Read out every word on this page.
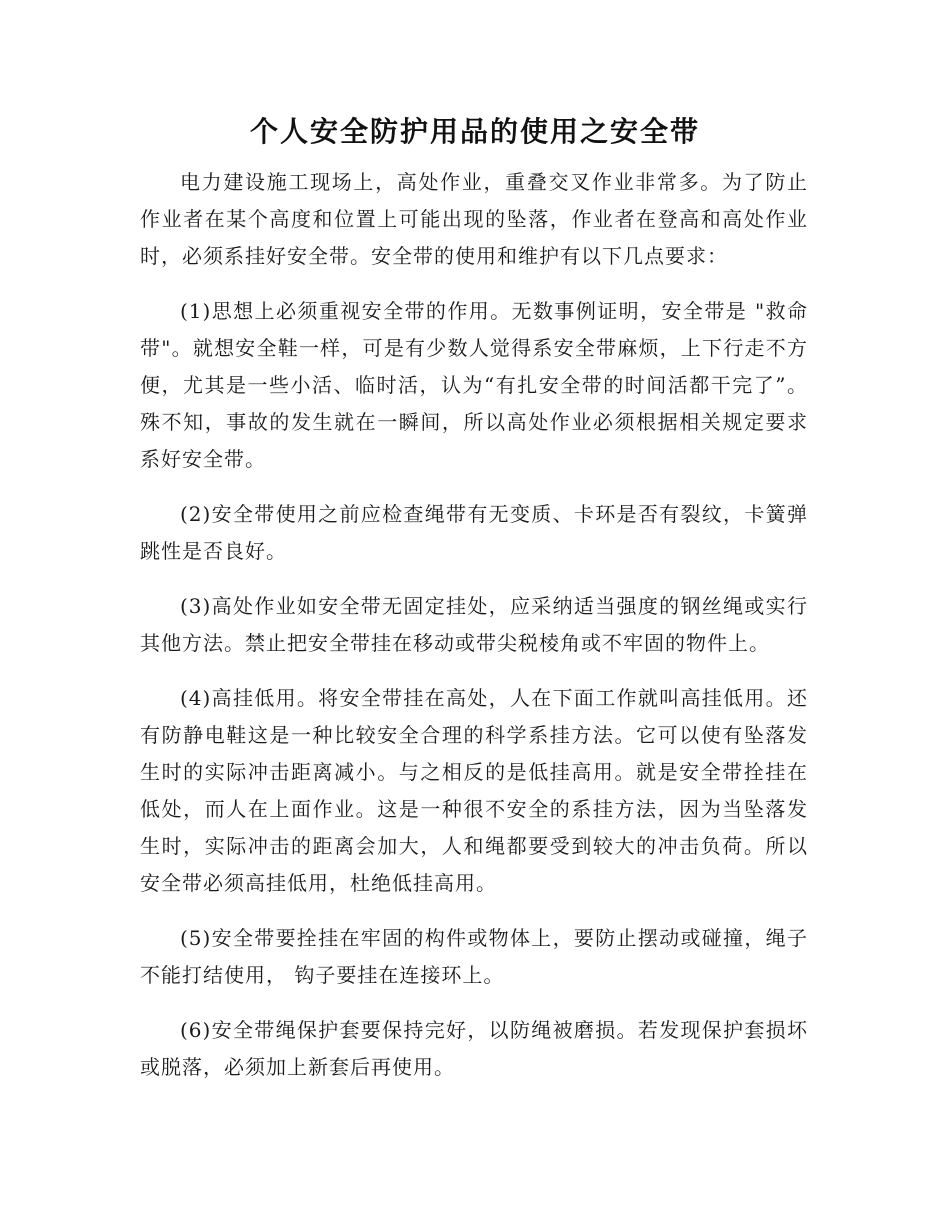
个人安全防护用品的使用之安全带

电力建设施工现场上，高处作业，重叠交叉作业非常多。为了防止作业者在某个高度和位置上可能出现的坠落，作业者在登高和高处作业时，必须系挂好安全带。安全带的使用和维护有以下几点要求：

(1)思想上必须重视安全带的作用。无数事例证明，安全带是 "救命带"。就想安全鞋一样，可是有少数人觉得系安全带麻烦，上下行走不方便，尤其是一些小活、临时活，认为“有扎安全带的时间活都干完了”。殊不知，事故的发生就在一瞬间，所以高处作业必须根据相关规定要求系好安全带。

(2)安全带使用之前应检查绳带有无变质、卡环是否有裂纹，卡簧弹跳性是否良好。

(3)高处作业如安全带无固定挂处，应采纳适当强度的钢丝绳或实行其他方法。禁止把安全带挂在移动或带尖税棱角或不牢固的物件上。

(4)高挂低用。将安全带挂在高处，人在下面工作就叫高挂低用。还有防静电鞋这是一种比较安全合理的科学系挂方法。它可以使有坠落发生时的实际冲击距离减小。与之相反的是低挂高用。就是安全带拴挂在低处，而人在上面作业。这是一种很不安全的系挂方法，因为当坠落发生时，实际冲击的距离会加大，人和绳都要受到较大的冲击负荷。所以安全带必须高挂低用，杜绝低挂高用。

(5)安全带要拴挂在牢固的构件或物体上，要防止摆动或碰撞，绳子不能打结使用， 钩子要挂在连接环上。

(6)安全带绳保护套要保持完好，以防绳被磨损。若发现保护套损坏或脱落，必须加上新套后再使用。
